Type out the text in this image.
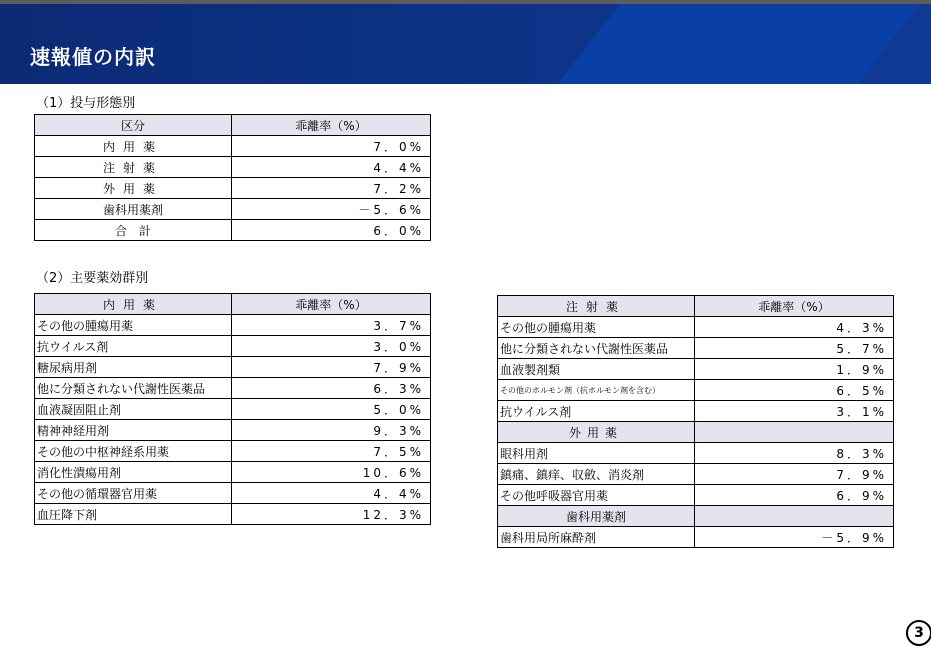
速報値の内訳
（1）投与形態別
区分	乖離率（%）
内用薬	7．0%
注射薬	4．4%
外用薬	7．2%
歯科用薬剤	－5．6%
合　計	6．0%
（2）主要薬効群別
内用薬	乖離率（%）
その他の腫瘍用薬	3．7%
抗ウイルス剤	3．0%
糖尿病用剤	7．9%
他に分類されない代謝性医薬品	6．3%
血液凝固阻止剤	5．0%
精神神経用剤	9．3%
その他の中枢神経系用薬	7．5%
消化性潰瘍用剤	10．6%
その他の循環器官用薬	4．4%
血圧降下剤	12．3%
注射薬	乖離率（%）
その他の腫瘍用薬	4．3%
他に分類されない代謝性医薬品	5．7%
血液製剤類	1．9%
その他のホルモン剤（抗ホルモン剤を含む）	6．5%
抗ウイルス剤	3．1%
外用薬	
眼科用剤	8．3%
鎮痛、鎮痒、収斂、消炎剤	7．9%
その他呼吸器官用薬	6．9%
歯科用薬剤	
歯科用局所麻酔剤	－5．9%
3
